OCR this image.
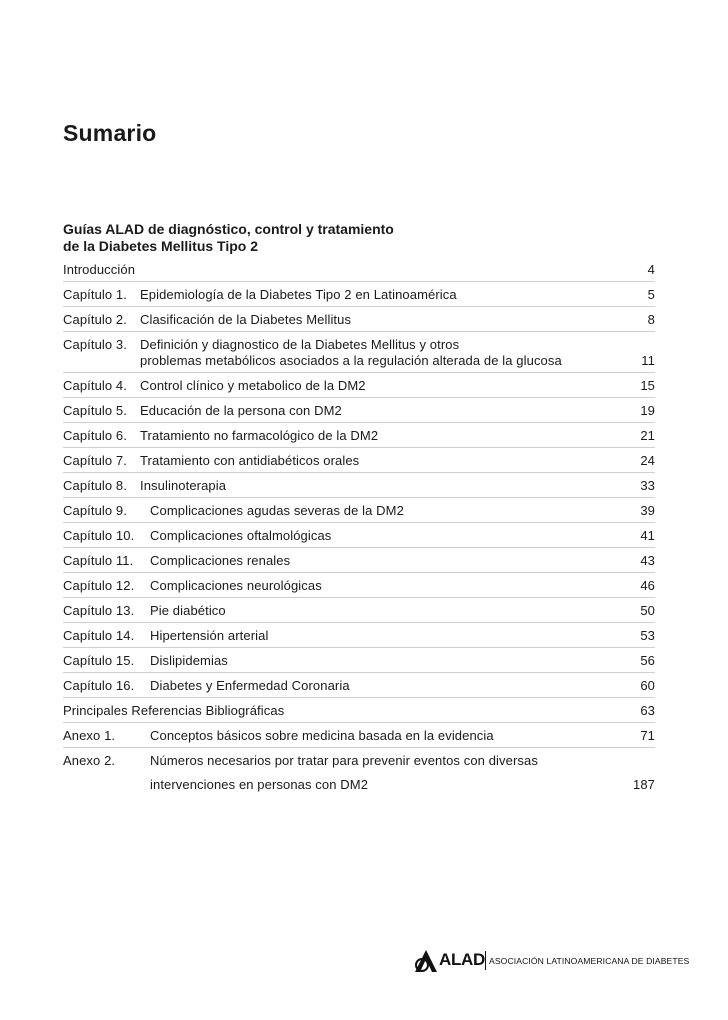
Sumario
Guías ALAD de diagnóstico, control y tratamiento
de la Diabetes Mellitus Tipo 2
Introducción	4
Capítulo 1. Epidemiología de la Diabetes Tipo 2 en Latinoamérica	5
Capítulo 2. Clasificación de la Diabetes Mellitus	8
Capítulo 3. Definición y diagnostico de la Diabetes Mellitus y otros
problemas metabólicos asociados a la regulación alterada de la glucosa	11
Capítulo 4. Control clínico y metabolico de la DM2	15
Capítulo 5. Educación de la persona con DM2	19
Capítulo 6. Tratamiento no farmacológico de la DM2	21
Capítulo 7. Tratamiento con antidiabéticos orales	24
Capítulo 8. Insulinoterapia	33
Capítulo 9. Complicaciones agudas severas de la DM2	39
Capítulo 10. Complicaciones oftalmológicas	41
Capítulo 11. Complicaciones renales	43
Capítulo 12. Complicaciones neurológicas	46
Capítulo 13. Pie diabético	50
Capítulo 14. Hipertensión arterial	53
Capítulo 15. Dislipidemias	56
Capítulo 16. Diabetes y Enfermedad Coronaria	60
Principales Referencias Bibliográficas	63
Anexo 1.	Conceptos básicos sobre medicina basada en la evidencia	71
Anexo 2.	Números necesarios por tratar para prevenir eventos con diversas
intervenciones en personas con DM2	187
ALAD ASOCIACIÓN LATINOAMERICANA DE DIABETES
